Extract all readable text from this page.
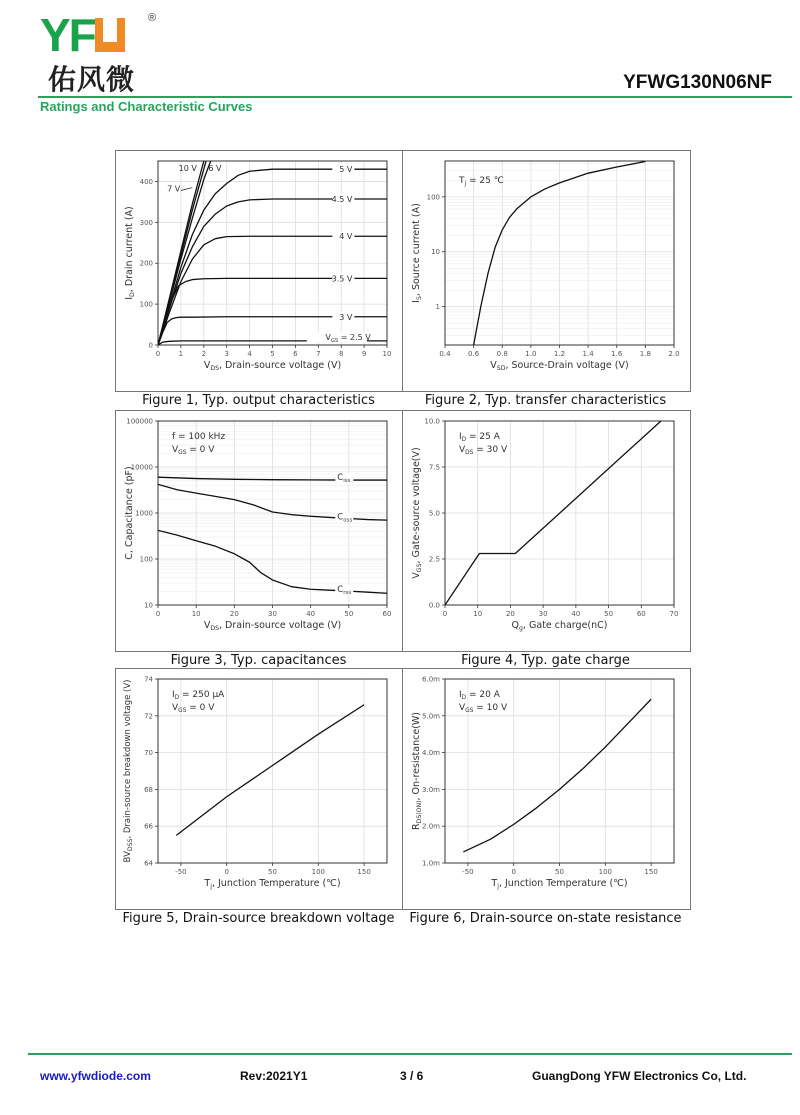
YF	®
佑风微	YFWG130N06NF
Ratings and Characteristic Curves
0	1	2	3	4	5	6	7	8	9 10
0
100
200
300
400
$V_{DS}$, Drain-source voltage (V)
$I_D$, Drain current (A)
5 V
4.5 V
4 V
3.5 V
3 V
$V_{GS} = 2.5$ V
10 V 6 V
7 V
Figure 1, Typ. output characteristics
0.4 0.6 0.8 1.0 1.2 1.4 1.6 1.8 2.0
1
10
100
$V_{SD}$, Source-Drain voltage (V)
$I_S$, Source current (A)
$T_j = 25$ ℃
Figure 2, Typ. transfer characteristics
0	10	20	30	40	50	60
10
100
1000
10000
100000
$V_{DS}$, Drain-source voltage (V)
C, Capacitance (pF)
f = 100 kHz
$V_{GS} = 0$ V
$C_{iss}$
$C_{oss}$
$C_{rss}$
Figure 3, Typ. capacitances
0	10	20	30	40	50	60	70
0.0
2.5
5.0
7.5
10.0
$Q_g$, Gate charge(nC)
$V_{GS}$, Gate-source voltage(V)
$I_D = 25$ A
$V_{DS} = 30$ V
Figure 4, Typ. gate charge
-50	0	50	100	150
64
66
68
70
72
74
$T_j$, Junction Temperature (℃)
$BV_{DSS}$, Drain-source breakdown voltage (V)	$I_D = 250$ μA
$V_{GS} = 0$ V
Figure 5, Drain-source breakdown voltage
-50	0	50	100	150
1.0m
2.0m
3.0m
4.0m
5.0m
6.0m
$T_j$, Junction Temperature (℃)
$R_{DS(ON)}$, On-resistance(W)
$I_D = 20$ A
$V_{GS} = 10$ V
Figure 6, Drain-source on-state resistance
www.yfwdiode.com	Rev:2021Y1	3 / 6	GuangDong YFW Electronics Co, Ltd.
